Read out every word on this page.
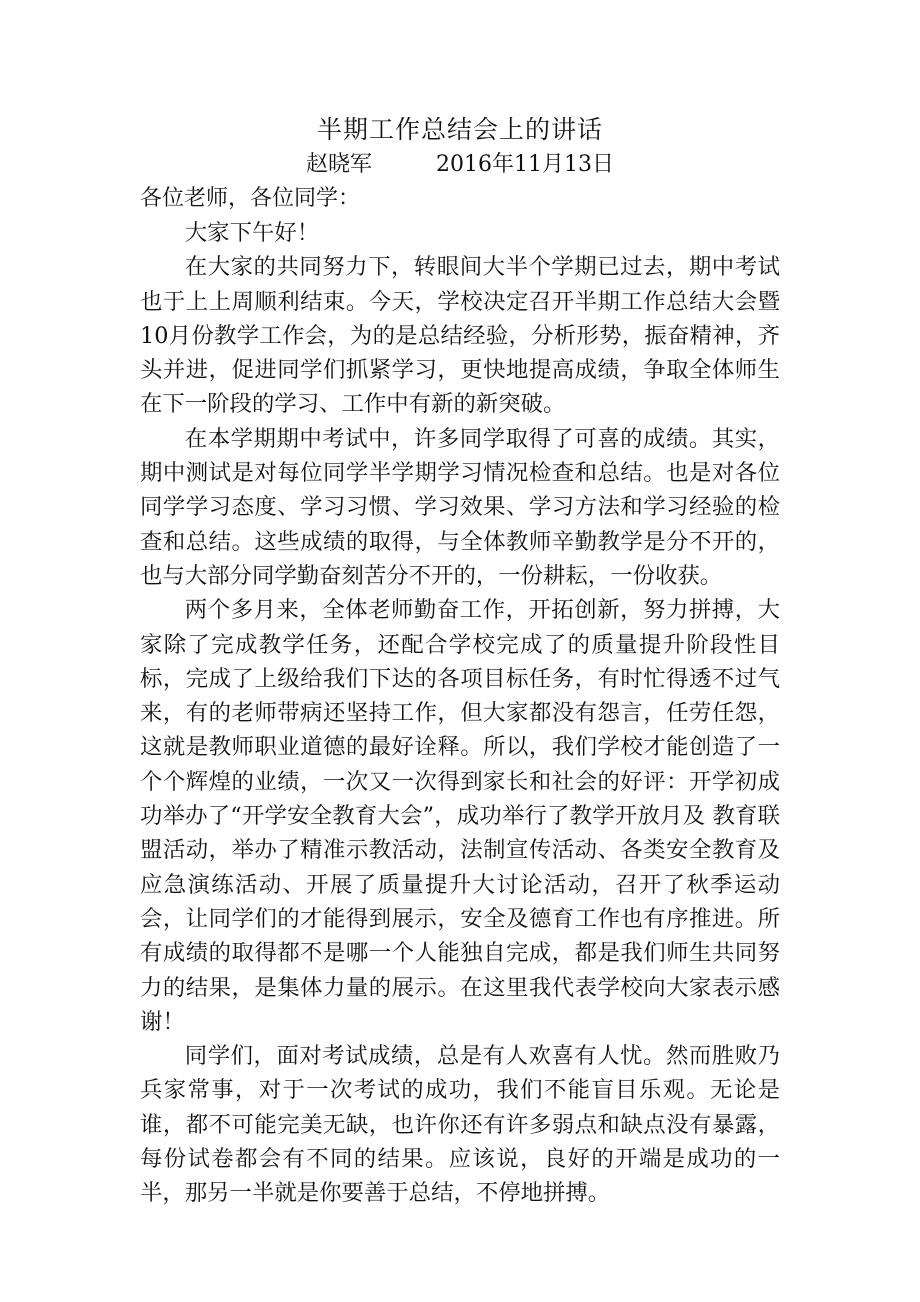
半期工作总结会上的讲话

赵晓军	2016年11月13日

各位老师，各位同学：

大家下午好！

在大家的共同努力下，转眼间大半个学期已过去，期中考试也于上上周顺利结束。今天，学校决定召开半期工作总结大会暨10月份教学工作会，为的是总结经验，分析形势，振奋精神，齐头并进，促进同学们抓紧学习，更快地提高成绩，争取全体师生在下一阶段的学习、工作中有新的新突破。

在本学期期中考试中，许多同学取得了可喜的成绩。其实，期中测试是对每位同学半学期学习情况检查和总结。也是对各位同学学习态度、学习习惯、学习效果、学习方法和学习经验的检查和总结。这些成绩的取得，与全体教师辛勤教学是分不开的，也与大部分同学勤奋刻苦分不开的，一份耕耘，一份收获。

两个多月来，全体老师勤奋工作，开拓创新，努力拼搏，大家除了完成教学任务，还配合学校完成了的质量提升阶段性目标，完成了上级给我们下达的各项目标任务，有时忙得透不过气来，有的老师带病还坚持工作，但大家都没有怨言，任劳任怨，这就是教师职业道德的最好诠释。所以，我们学校才能创造了一个个辉煌的业绩，一次又一次得到家长和社会的好评：开学初成功举办了“开学安全教育大会”，成功举行了教学开放月及 教育联盟活动，举办了精准示教活动，法制宣传活动、各类安全教育及应急演练活动、开展了质量提升大讨论活动，召开了秋季运动会，让同学们的才能得到展示，安全及德育工作也有序推进。所有成绩的取得都不是哪一个人能独自完成，都是我们师生共同努力的结果，是集体力量的展示。在这里我代表学校向大家表示感谢！

同学们，面对考试成绩，总是有人欢喜有人忧。然而胜败乃兵家常事，对于一次考试的成功，我们不能盲目乐观。无论是谁，都不可能完美无缺，也许你还有许多弱点和缺点没有暴露，每份试卷都会有不同的结果。应该说，良好的开端是成功的一半，那另一半就是你要善于总结，不停地拼搏。
